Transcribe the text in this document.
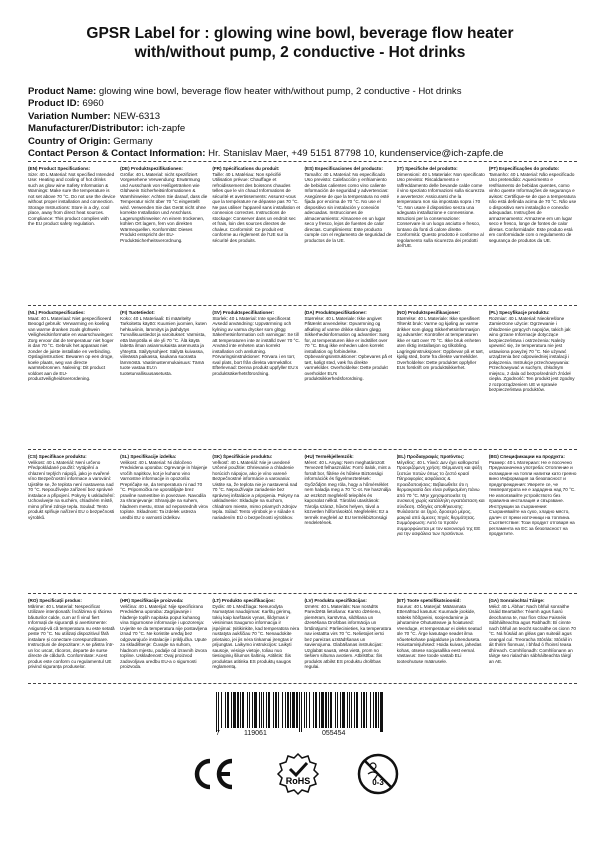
GPSR Label for : glowing wine bowl, beverage flow heater with/without pump, 2 conductive - Hot drinks
Product Name: glowing wine bowl, beverage flow heater with/without pump, 2 conductive - Hot drinks
Product ID: 6960
Variation Number: NEW-6313
Manufacturer/Distributor: ich-zapfe
Country of Origin: Germany
Contact Person & Contact Information: Hr. Stanislav Maer, +49 5151 87798 10, kundenservice@ich-zapfe.de
(EN) Product Specifications:
Size: 40 L Material: Not specified Intended Use: Heating and cooling of hot drinks such as glow wine Safety Information & Warnings: Make sure the temperature is not set above 70 °C. Do not use the device without proper installation and connection. Storage Instructions: Store in a dry, cool place, away from direct heat sources. Compliance: This product complies with the EU product safety regulation.
(DE) Produktspezifikationen:
Größe: 40 L Material: nicht spezifiziert Vorgesehene Verwendung: Erwärmung und Ausschank von Heißgetränken wie Glühwein Sicherheitsinformationen & Warnhinweise: Achten Sie darauf, dass die Temperatur nicht über 70 °C eingestellt wird. Verwenden Sie das Gerät nicht ohne korrekte Installation und Anschluss. Lagerungshinweise: An einem trockenen, kühlen Ort lagern, fern von direkten Wärmequellen. Konformität: Dieses Produkt entspricht der EU-Produktsicherheitsverordnung.
(FR) Spécifications du produit:
Taille: 40 L Matériau: Non spécifié Utilisation prévue: Chauffage et refroidissement des boissons chaudes telles que le vin chaud Informations de sécurité et avertissements: Assurez-vous que la température ne dépasse pas 70 °C. Ne pas utiliser l'appareil sans installation et connexion correctes. Instructions de stockage: Conserver dans un endroit sec et frais, loin des sources directes de chaleur. Conformité: Ce produit est conforme au règlement de l'UE sur la sécurité des produits.
(ES) Especificaciones del producto:
Tamaño: 40 L Material: No especificado Uso previsto: Calefacción y enfriamiento de bebidas calientes como vino caliente Información de seguridad y advertencias: Asegúrese de que la temperatura no esté fijada por encima de 70 °C. No use el dispositivo sin instalación y conexión adecuadas. Instrucciones de almacenamiento: Almacene en un lugar seco y fresco, lejos de fuentes de calor directas. Cumplimiento: Este producto cumple con el reglamento de seguridad de productos de la UE.
(IT) Specifiche del prodotto:
Dimensioni: 40 L Materiale: Non specificato Uso previsto: Riscaldamento e raffreddamento delle bevande calde come il vino speziato Informazioni sulla sicurezza e avvertenze: Assicurarsi che la temperatura non sia impostata sopra i 70 °C. Non usare il dispositivo senza una adeguata installazione e connessione. Istruzioni per la conservazione: Conservare in un luogo asciutto e fresco, lontano da fonti di calore dirette. Conformità: Questo prodotto è conforme al regolamento sulla sicurezza dei prodotti dell'UE.
(PT) Especificações do produto:
Tamanho: 40 L Material: Não especificado Uso pretendido: Aquecimento e resfriamento de bebidas quentes, como vinho quente Informações de segurança e avisos: Certifique-se de que a temperatura não está definida acima de 70 °C. Não use o dispositivo sem instalação e conexão adequadas. Instruções de armazenamento: Armazene em um lugar seco e fresco, longe de fontes de calor diretas. Conformidade: Este produto está em conformidade com o regulamento de segurança de produtos da UE.
(NL) Productspecificaties:
Maat: 40 L Materiaal: Niet gespecificeerd Beoogd gebruik: Verwarming en koeling van warme dranken zoals glühwein Veiligheidsinformatie en waarschuwingen: Zorg ervoor dat de temperatuur niet hoger is dan 70 °C. Gebruik het apparaat niet zonder de juiste installatie en verbinding. Opslaginstructies: Bewaren op een droge, koele plaats, weg van directe warmtebronnen. Naleving: Dit product voldoet aan de EU-productveiligheidsverordening.
(FI) Tuotetiedot:
Koko: 40 L Materiaali: Ei määritelty Tarkoitettu käyttö: Kuumien juomien, kuten hehkuviinin, lämmitys ja jäähdytys Turvallisuustiedot ja varoitukset: Varmista, että lämpötila ei ole yli 70 °C. Älä käytä laitetta ilman asianmukaista asennusta ja yhteyttä. Säilytysohjeet: Säilytä kuivassa, viileässä paikassa, kaukana suorasta lämmöstä. Vaatimustenmukaisuus: Tämä tuote vastaa EU:n tuoteturvallisuusasetusta.
(SV) Produktspecifikationer:
Storlek: 40 L Material: Inte specificerat Avsedd användning: Uppvärmning och kylning av varma drycker som glögg Säkerhetsinformation och varningar: Se till att temperaturen inte är inställd över 70 °C. Använd inte enheten utan korrekt installation och anslutning. Förvaringsinstruktioner: Förvara i en torr, sval plats, bort från direkta värmekällor. Efterlevnad: Denna produkt uppfyller EU:s produktsäkerhetsförordning.
(DA) Produktspecifikationer:
Størrelse: 40 L Materiale: Ikke angivet Påtænkt anvendelse: Opvarmning og afkøling af varme drikke såsom gløgg Sikkerhedsinformation og advarsler: Sørg for, at temperaturen ikke er indstillet over 70 °C. Brug ikke enheden uden korrekt installation og forbindelse. Opbevaringsinstruktioner: Opbevares på et tørt, køligt sted, væk fra direkte varmekilder. Overholdelse: Dette produkt overholder EU's produktsikkerhedsforordning.
(NO) Produktspesifikasjoner:
Størrelse: 40 L Materiale: Ikke spesifisert Tiltenkt bruk: Varme og kjøling av varme drikker som gløgg Sikkerhetsinformasjon og advarsler: Kontroller at temperaturen ikke er satt over 70 °C. Ikke bruk enheten uten riktig installasjon og tilkobling. Lagringsinstruksjoner: Oppbevar på et tørt, kjølig sted, borte fra direkte varmekilder. Overholdelse: Dette produktet oppfyller EUs forskrift om produktsikkerhet.
(PL) Specyfikacje produktu:
Rozmiar: 40 L Materiał: Nieokreślone Zamierzone użycie: Ogrzewanie i chłodzenie gorących napojów, takich jak wino grzane Informacje dotyczące bezpieczeństwa i ostrzeżenia: Należy upewnić się, że temperatura nie jest ustawiona powyżej 70 °C. Nie używać urządzenia bez odpowiedniej instalacji i połączenia. Instrukcje przechowywania: Przechowywać w suchym, chłodnym miejscu, z dala od bezpośrednich źródeł ciepła. Zgodność: Ten produkt jest zgodny z rozporządzeniem UE w sprawie bezpieczeństwa produktów.
(CS) Specifikace produktu:
Velikost: 40 L Materiál: Není určeno Předpokládané použití: Vytápění a chlazení teplých nápojů, jako je svařené víno Bezpečnostní informace a varování: Ujistěte se, že teplota není nastavena nad 70 °C. Nepoužívejte zařízení bez správné instalace a připojení. Pokyny k uskladnění: Uchovávejte na suchém, chladném místě, mimo přímé zdroje tepla. Soulad: Tento produkt splňuje nařízení EU o bezpečnosti výrobků.
(SL) Specifikacije izdelka:
Velikost: 40 L Material: Ni določeno Predvidena uporaba: Ogrevanje in hlajenje vročih napitkov, kot je kuhano vino Varnostne informacije in opozorila: Prepričajte se, da temperatura ni nad 70 °C. Pripomočka ne uporabljajte brez pravilne namestitve in povezave. Navodila za shranjevanje: Shranjujte na suhem, hladnem mestu, stran od neposrednih virov toplote. Skladnost: Ta izdelek ustreza uredbi EU o varnosti izdelkov.
(SK) Špecifikácie produktu:
Veľkosť: 40 L Materiál: Nie je uvedené Určené použitie: Ohrievanie a chladenie horúcich nápojov, ako je víno varené Bezpečnostné informácie a varovania: Uistite sa, že teplota nie je nastavená nad 70 °C. Nepoužívajte zariadenie bez správnej inštalácie a pripojenia. Pokyny na uskladnenie: Skladujte na suchom, chladnom mieste, mimo priamych zdrojov tepla. Súlad: Tento výrobok je v súlade s nariadením EÚ o bezpečnosti výrobkov.
(HU) Termékjellemzők:
Méret: 40 L Anyag: Nem meghatározott Tervezett felhasználás: Forró italok, mint a forralt bor, fűtése és hűtése Biztonsági információk és figyelmeztetések: Győződjön meg róla, hogy a hőmérséklet nem haladja meg a 70 °C-ot. Ne használja az eszközt megfelelő telepítés és kapcsolat nélkül. Tárolási utasítások: Tárolja száraz, hűvös helyen, távol a közvetlen hőforrásoktól. Megfelelés: Ez a termék megfelel az EU termékbiztonsági rendeletének.
(EL) Προδιαγραφές προϊόντος:
Μέγεθος: 40 L Υλικό: Δεν έχει καθοριστεί Προοριζόμενη χρήση: Θέρμανση και ψύξη ζεστών ποτών όπως το ζεστό κρασί Πληροφορίες ασφάλειας & προειδοποιήσεις: Βεβαιωθείτε ότι η θερμοκρασία δεν είναι ρυθμισμένη πάνω από 70 °C. Μην χρησιμοποιείτε τη συσκευή χωρίς κατάλληλη εγκατάσταση και σύνδεση. Οδηγίες αποθήκευσης: Φυλάσσετε σε ξηρό, δροσερό μέρος, μακριά από άμεσες πηγές θερμότητας. Συμμόρφωση: Αυτό το προϊόν συμμορφώνεται με τον κανονισμό της ΕΕ για την ασφάλεια των προϊόντων.
(BG) Спецификации на продукта:
Размер: 40 L Материал: Не е посочено Предназначена употреба: Отопление и охлаждане на топли напитки като греяно вино Информация за безопасност и предупреждения: Уверете се, че температурата не е зададена над 70 °C. Не използвайте устройството без правилна инсталация и свързване. Инструкции за съхранение: Съхранявайте на сухо, хладно място, далеч от преки източници на топлина. Съответствие: Този продукт отговаря на регламента на ЕС за безопасност на продуктите.
(RO) Specificații produs:
Mărime: 40 L Material: Nespecificat Utilizare intenționată: Încălzirea și răcirea băuturilor calde, cum ar fi vinul fiert Informații de siguranță și avertismente: Asigurați-vă că temperatura nu este setată peste 70 °C. Nu utilizați dispozitivul fără instalare și conectare corespunzătoare. Instrucțiuni de depozitare: A se păstra într-un loc uscat, răcoros, departe de surse directe de căldură. Conformitate: Acest produs este conform cu regulamentul UE privind siguranța produselor.
(HR) Specifikacije proizvoda:
Veličina: 40 L Materijal: Nije specificirano Predviđena uporaba: Zagrijavanje i hlađenje toplih napitaka poput kuhanog vina Sigurnosne informacije i upozorenja: Uvjerite se da temperatura nije postavljena iznad 70 °C. Ne koristite uređaj bez odgovarajuće instalacije i priključka. Upute za skladištenje: Čuvajte na suhom, hladnom mjestu, podalje od izravnih izvora topline. Usklađenost: Ovaj proizvod zadovoljava uredbu EU-a o sigurnosti proizvoda.
(LT) Produkto specifikacijos:
Dydis: 40 L Medžiaga: Nenurodyta Numatytas naudojimas: Karštų gėrimų, tokių kaip karštasis vynas, šildymas ir vėsinimas Saugumo informacija ir įspėjimai: Įsitikinkite, kad temperatūra nėra nustatyta aukščiau 70 °C. Nenaudokite prietaiso, jei jis nėra tinkamai įrengtas ir prijungtas. Laikymo instrukcijos: Laikyti sausoje, vėsioje vietoje, toliau nuo tiesioginių šilumos šaltinių. Atitiktis: Šis produktas atitinka ES produktų saugos reglamentą.
(LV) Produkta specifikācijas:
Izmērs: 40 L Materiāls: Nav norādīts Paredzētā lietošana: Karsto dzērienu, piemēram, karstvīna, sildīšana un dzesēšana Drošības informācija un brīdinājumi: Pārliecinieties, ka temperatūra nav iestatīta virs 70 °C. Nelietojiet ierīci bez pareizas uzstādīšanas un savienojuma. Glabāšanas instrukcijas: Uzglabāt sausā, vēsā vietā, prom no tiešiem siltuma avotiem. Atbilstība: Šis produkts atbilst ES produktu drošības regulai.
(ET) Toote spetsifikatsioonid:
Suurus: 40 L Materjal: Määramata Ettenähtud kasutus: Kuumade jookide, näiteks hõõgveini, soojendamine ja jahutamine Ohutusteave ja hoiatused: Veenduge, et temperatuur ei oleks seatud üle 70 °C. Ärge kasutage seadet ilma nõuetekohase paigalduse ja ühenduseta. Hoiustamisjuhised: Hoida kuivas, jahedas kohas, otsese soojusallika eest eemal. Vastavus: See toode vastab ELi tooteohutuse määrusele.
(GA) Sonraíochtaí Táirge:
Méid: 40 L Ábhar: Nach bhfuil sonraithe Úsáid Beartaithe: Téamh agus fuarú deochanna te, mar fíon Glow Faisnéis Sábháilteachta agus Rabhadh: Bí cinnte nach bhfuil an teocht socraithe os cionn 70 °C. Ná húsáid an gléas gan suiteáil agus ceangal cuí. Treoracha Stórála: Stóráil in áit thirim fionnuar, i bhfad ó fhoinsí teasa dhíreach. Comhlíonadh: Comhlíonann an táirge seo rialachán sábháilteachta táirgí an AE.
7	119061	055454
RoHS	0-3
